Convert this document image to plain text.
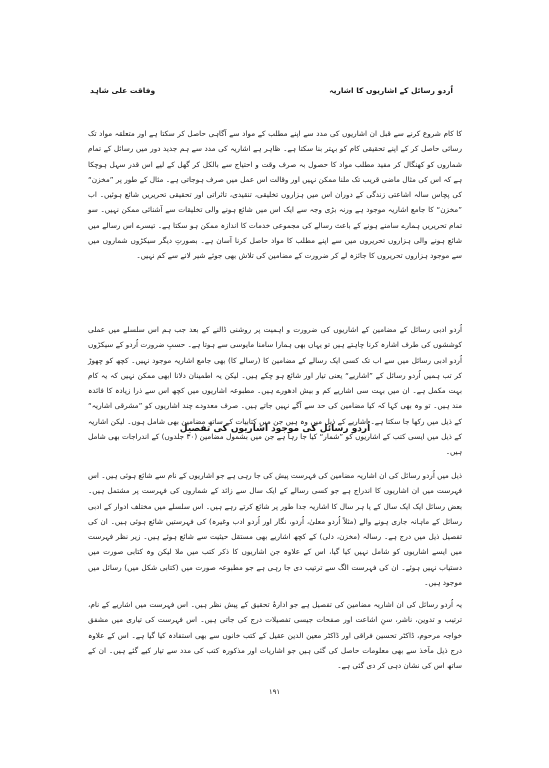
اُردو رسائل کے اشاریوں کا اشاریہ
وفاقت علی شاہد

کا کام شروع کرنے سے قبل ان اشاریوں کی مدد سے اپنے مطلب کے مواد سے آگاہی حاصل کر سکتا ہے اور متعلقہ مواد تک رسائی حاصل کر کے اپنے تحقیقی کام کو بہتر بنا سکتا ہے۔ ظاہر ہے اشاریہ کی مدد سے ہم جدید دور میں رسائل کے تمام شماروں کو کھنگال کر مفید مطلب مواد کا حصول بہ صرف وقت و احتیاج سے بالکل کر گھل کے لیے اس قدر سہل ہوچکا ہے کہ اس کی مثال ماضی قریب تک ملنا ممکن نہیں اور وقالت اس عمل میں صرف ہوجاتی ہے۔ مثال کے طور پر ”مخزن“ کی پچاس سالہ اشاعتی زندگی کے دوران اس میں ہزاروں تخلیقی، تنقیدی، تاثراتی اور تحقیقی تحریریں شائع ہوئیں۔ اب ”مخزن“ کا جامع اشاریہ موجود ہے ورنہ بڑی وجہ سے ایک اس میں شائع ہونے والی تخلیقات سے آشنائی ممکن نہیں۔ سو تمام تحریریں ہمارے سامنے ہونے کے باعث رسالے کی مجموعی خدمات کا اندازہ ممکن ہو سکتا ہے۔ تیسرے اس رسالے میں شائع ہونے والی ہزاروں تحریروں میں سے اپنے مطلب کا مواد حاصل کرنا آسان ہے۔ بصورتِ دیگر سیکڑوں شماروں میں سے موجود ہزاروں تحریروں کا جائزہ لے کر ضرورت کے مضامین کی تلاش بھی جوئے شیر لانے سے کم نہیں۔

اُردو ادبی رسائل کے مضامین کے اشاریوں کی ضرورت و اہمیت پر روشنی ڈالنے کے بعد جب ہم اس سلسلے میں عملی کوششوں کی طرف اشارہ کرنا چاہتے ہیں تو یہاں بھی ہمارا سامنا مایوسی سے ہوتا ہے۔ حسبِ ضرورت اُردو کے سیکڑوں اُردو ادبی رسائل میں سے اب تک کسی ایک رسالے کے مضامین کا (رسالے کا) بھی جامع اشاریہ موجود نہیں۔ کچھ کو چھوڑ کر تب ہمیں اُردو رسائل کے ”اشاریے“ یعنی تیار اور شائع ہو چکے ہیں۔ لیکن یہ اطمینان دلانا ابھی ممکن نہیں کہ یہ کام بہت مکمل ہے۔ ان میں بہت سی اشاریے کم و بیش ادھورے ہیں۔ مطبوعہ اشاریوں میں کچھ اس سے ذرا زیادہ کا فائدہ مند ہیں۔ تو وہ بھی کہا کہ کیا مضامین کی حد سے آگے نہیں جاتے ہیں۔ صرف معدودے چند اشاریوں کو ”مشرقی اشاریہ“ کے ذیل میں رکھا جا سکتا ہے۔ اشاریے کے ذیل میں وہ ہیں جن میں کتابیات کے ساتھ مضامین بھی شامل ہوں۔ لیکن اشاریہ کے ذیل میں ایسی کتب کے اشاریوں کو ”شمار“ کیا جا رہا ہے جن میں بشمول مضامین (۳۰ جلدوں) کے اندراجات بھی شامل ہیں۔

اُردو رسائل کی موجود اشاریوں کی تفصیل

ذیل میں اُردو رسائل کی ان اشاریہ مضامین کی فہرست پیش کی جا رہی ہے جو اشاریوں کے نام سے شائع ہوئی ہیں۔ اس فہرست میں ان اشاریوں کا اندراج ہے جو کسی رسالے کے ایک سال سے زائد کے شماروں کی فہرست پر مشتمل ہیں۔ بعض رسائل ایک ایک سال کے یا ہر سال کا اشاریہ جدا طور پر شائع کرتے رہے ہیں۔ اس سلسلے میں مختلف ادوار کے ادبی رسائل کے ماہانہ جاری ہونے والے (مثلاً اُردو معلیٰ، اُردو، نگار اور اُردو ادب وغیرہ) کی فہرستیں شائع ہوئی ہیں۔ ان کی تفصیل ذیل میں درج ہے۔ رسالہ (مخزن، دلی) کے کچھ اشاریے بھی مستقل حیثیت سے شائع ہوئے ہیں۔ زیر نظر فہرست میں ایسے اشاریوں کو شامل نہیں کیا گیا، اس کے علاوہ جن اشاریوں کا ذکر کتب میں ملا لیکن وہ کتابی صورت میں دستیاب نہیں ہوئے۔ ان کی فہرست الگ سے ترتیب دی جا رہی ہے جو مطبوعہ صورت میں (کتابی شکل میں) رسائل میں موجود ہیں۔

یہ اُردو رسائل کی ان اشاریہ مضامین کی تفصیل ہے جو ادارۂ تحقیق کے پیش نظر ہیں۔ اس فہرست میں اشاریے کے نام، ترتیب و تدوین، ناشر، سنِ اشاعت اور صفحات جیسی تفصیلات درج کی جاتی ہیں۔ اس فہرست کی تیاری میں مشفق خواجہ مرحوم، ڈاکٹر تحسین فراقی اور ڈاکٹر معین الدین عقیل کے کتب خانوں سے بھی استفادہ کیا گیا ہے۔ اس کے علاوہ درج ذیل مآخذ سے بھی معلومات حاصل کی گئی ہیں جو اشاریات اور مذکورہ کتب کی مدد سے تیار کیے گئے ہیں۔ ان کے ساتھ اس کی نشان دہی کر دی گئی ہے۔

۱۹۱
